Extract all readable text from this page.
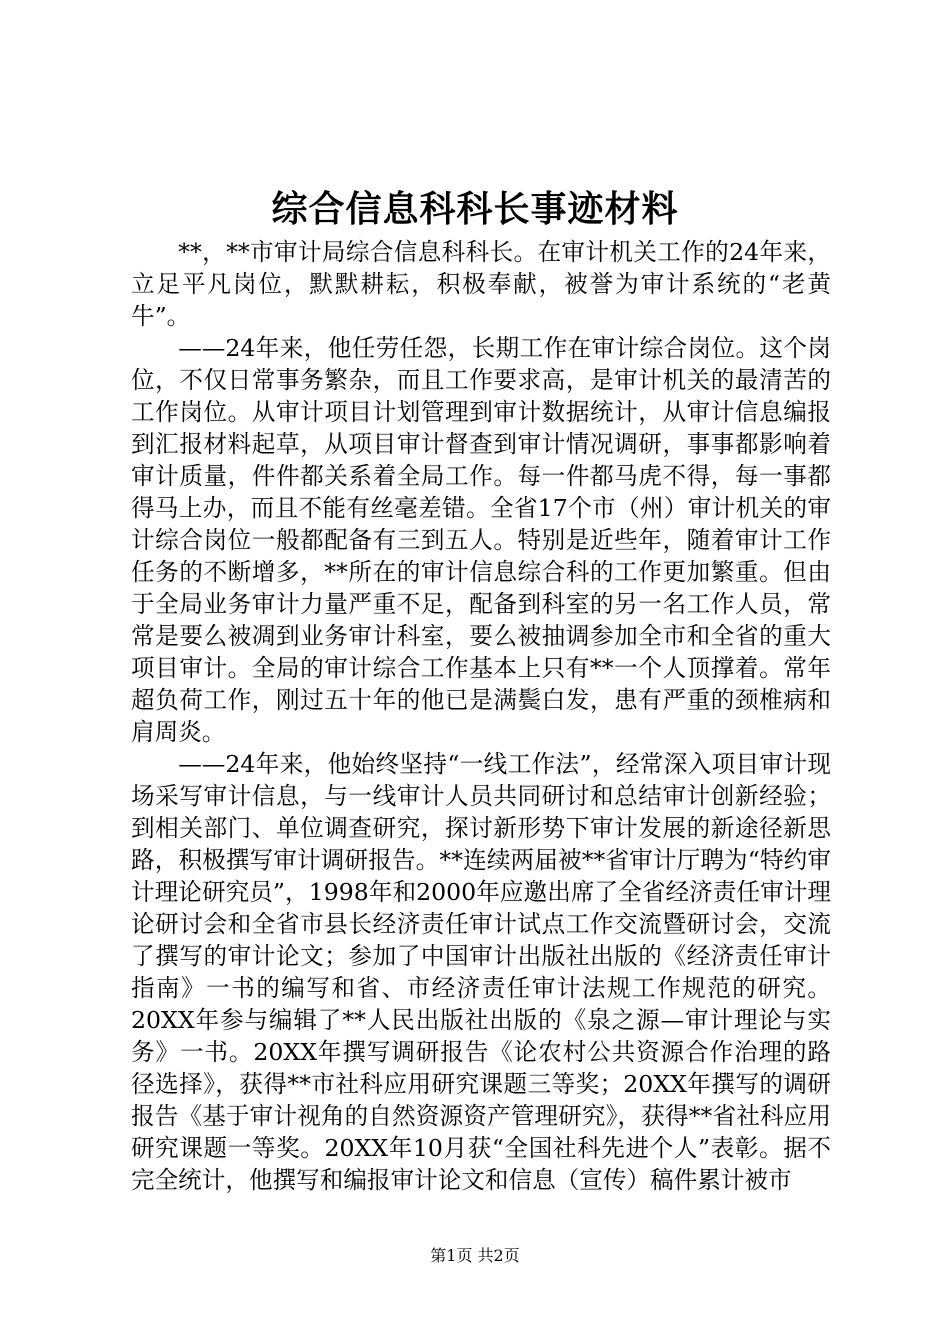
综合信息科科长事迹材料

**，**市审计局综合信息科科长。在审计机关工作的24年来，立足平凡岗位，默默耕耘，积极奉献，被誉为审计系统的“老黄牛”。

——24年来，他任劳任怨，长期工作在审计综合岗位。这个岗位，不仅日常事务繁杂，而且工作要求高，是审计机关的最清苦的工作岗位。从审计项目计划管理到审计数据统计，从审计信息编报到汇报材料起草，从项目审计督查到审计情况调研，事事都影响着审计质量，件件都关系着全局工作。每一件都马虎不得，每一事都得马上办，而且不能有丝毫差错。全省17个市（州）审计机关的审计综合岗位一般都配备有三到五人。特别是近些年，随着审计工作任务的不断增多，**所在的审计信息综合科的工作更加繁重。但由于全局业务审计力量严重不足，配备到科室的另一名工作人员，常常是要么被凋到业务审计科室，要么被抽调参加全市和全省的重大项目审计。全局的审计综合工作基本上只有**一个人顶撑着。常年超负荷工作，刚过五十年的他已是满鬓白发，患有严重的颈椎病和肩周炎。

——24年来，他始终坚持“一线工作法”，经常深入项目审计现场采写审计信息，与一线审计人员共同研讨和总结审计创新经验；到相关部门、单位调查研究，探讨新形势下审计发展的新途径新思路，积极撰写审计调研报告。**连续两届被**省审计厅聘为“特约审计理论研究员”，1998年和2000年应邀出席了全省经济责任审计理论研讨会和全省市县长经济责任审计试点工作交流暨研讨会，交流了撰写的审计论文；参加了中国审计出版社出版的《经济责任审计指南》一书的编写和省、市经济责任审计法规工作规范的研究。20XX年参与编辑了**人民出版社出版的《泉之源—审计理论与实务》一书。20XX年撰写调研报告《论农村公共资源合作治理的路径选择》，获得**市社科应用研究课题三等奖；20XX年撰写的调研报告《基于审计视角的自然资源资产管理研究》，获得**省社科应用研究课题一等奖。20XX年10月获“全国社科先进个人”表彰。据不完全统计，他撰写和编报审计论文和信息（宣传）稿件累计被市

第1页 共2页
